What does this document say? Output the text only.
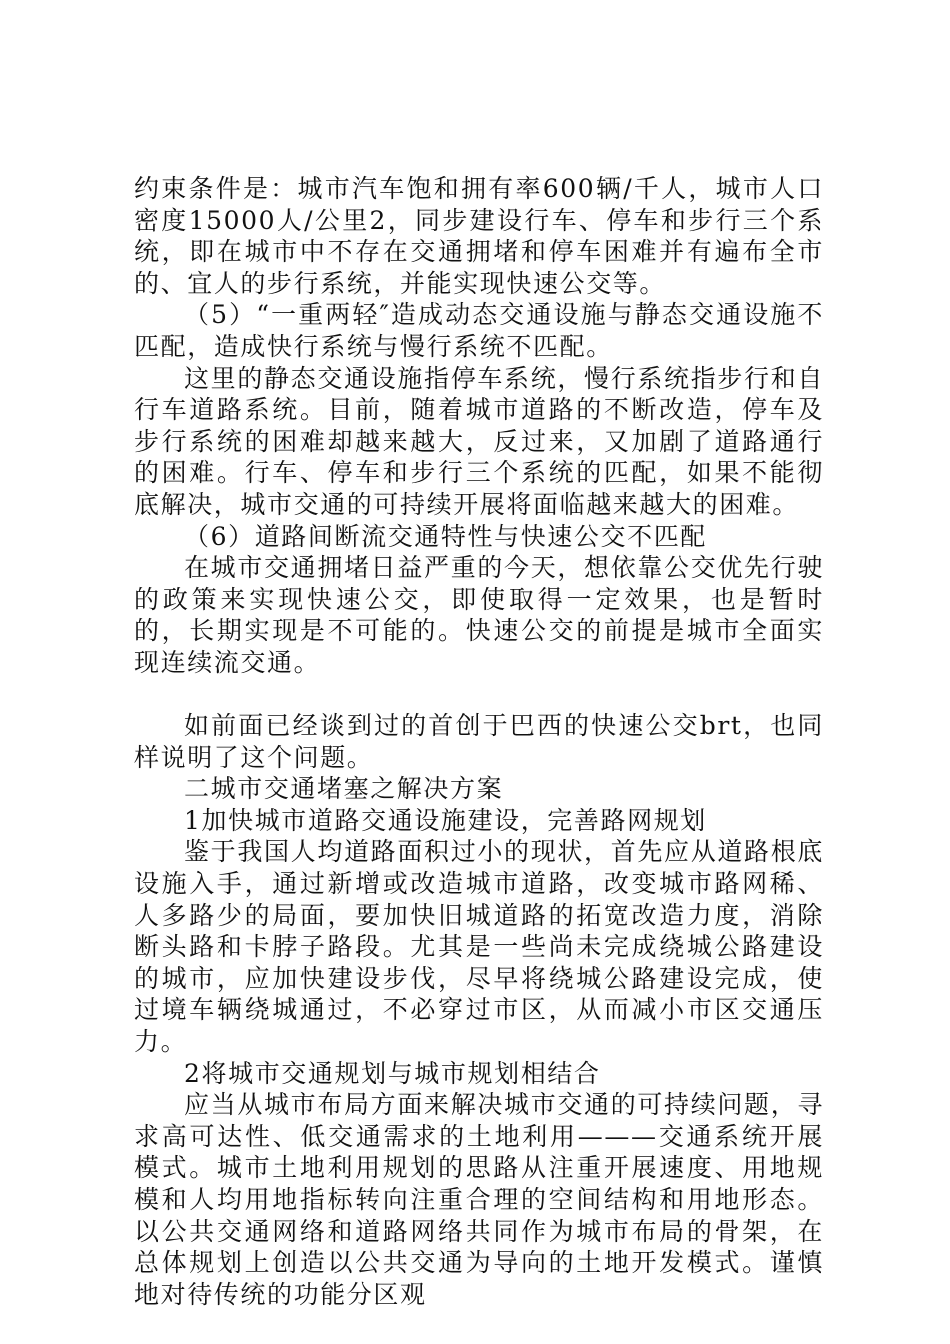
约束条件是：城市汽车饱和拥有率600辆/千人，城市人口密度15000人/公里2，同步建设行车、停车和步行三个系统，即在城市中不存在交通拥堵和停车困难并有遍布全市的、宜人的步行系统，并能实现快速公交等。

（5）“一重两轻″造成动态交通设施与静态交通设施不匹配，造成快行系统与慢行系统不匹配。

这里的静态交通设施指停车系统，慢行系统指步行和自行车道路系统。目前，随着城市道路的不断改造，停车及步行系统的困难却越来越大，反过来，又加剧了道路通行的困难。行车、停车和步行三个系统的匹配，如果不能彻底解决，城市交通的可持续开展将面临越来越大的困难。

（6）道路间断流交通特性与快速公交不匹配

在城市交通拥堵日益严重的今天，想依靠公交优先行驶的政策来实现快速公交，即使取得一定效果，也是暂时的，长期实现是不可能的。快速公交的前提是城市全面实现连续流交通。

如前面已经谈到过的首创于巴西的快速公交brt，也同样说明了这个问题。

二城市交通堵塞之解决方案

1加快城市道路交通设施建设，完善路网规划

鉴于我国人均道路面积过小的现状，首先应从道路根底设施入手，通过新增或改造城市道路，改变城市路网稀、人多路少的局面，要加快旧城道路的拓宽改造力度，消除断头路和卡脖子路段。尤其是一些尚未完成绕城公路建设的城市，应加快建设步伐，尽早将绕城公路建设完成，使过境车辆绕城通过，不必穿过市区，从而减小市区交通压力。

2将城市交通规划与城市规划相结合

应当从城市布局方面来解决城市交通的可持续问题，寻求高可达性、低交通需求的土地利用———交通系统开展模式。城市土地利用规划的思路从注重开展速度、用地规模和人均用地指标转向注重合理的空间结构和用地形态。以公共交通网络和道路网络共同作为城市布局的骨架，在总体规划上创造以公共交通为导向的土地开发模式。谨慎地对待传统的功能分区观
